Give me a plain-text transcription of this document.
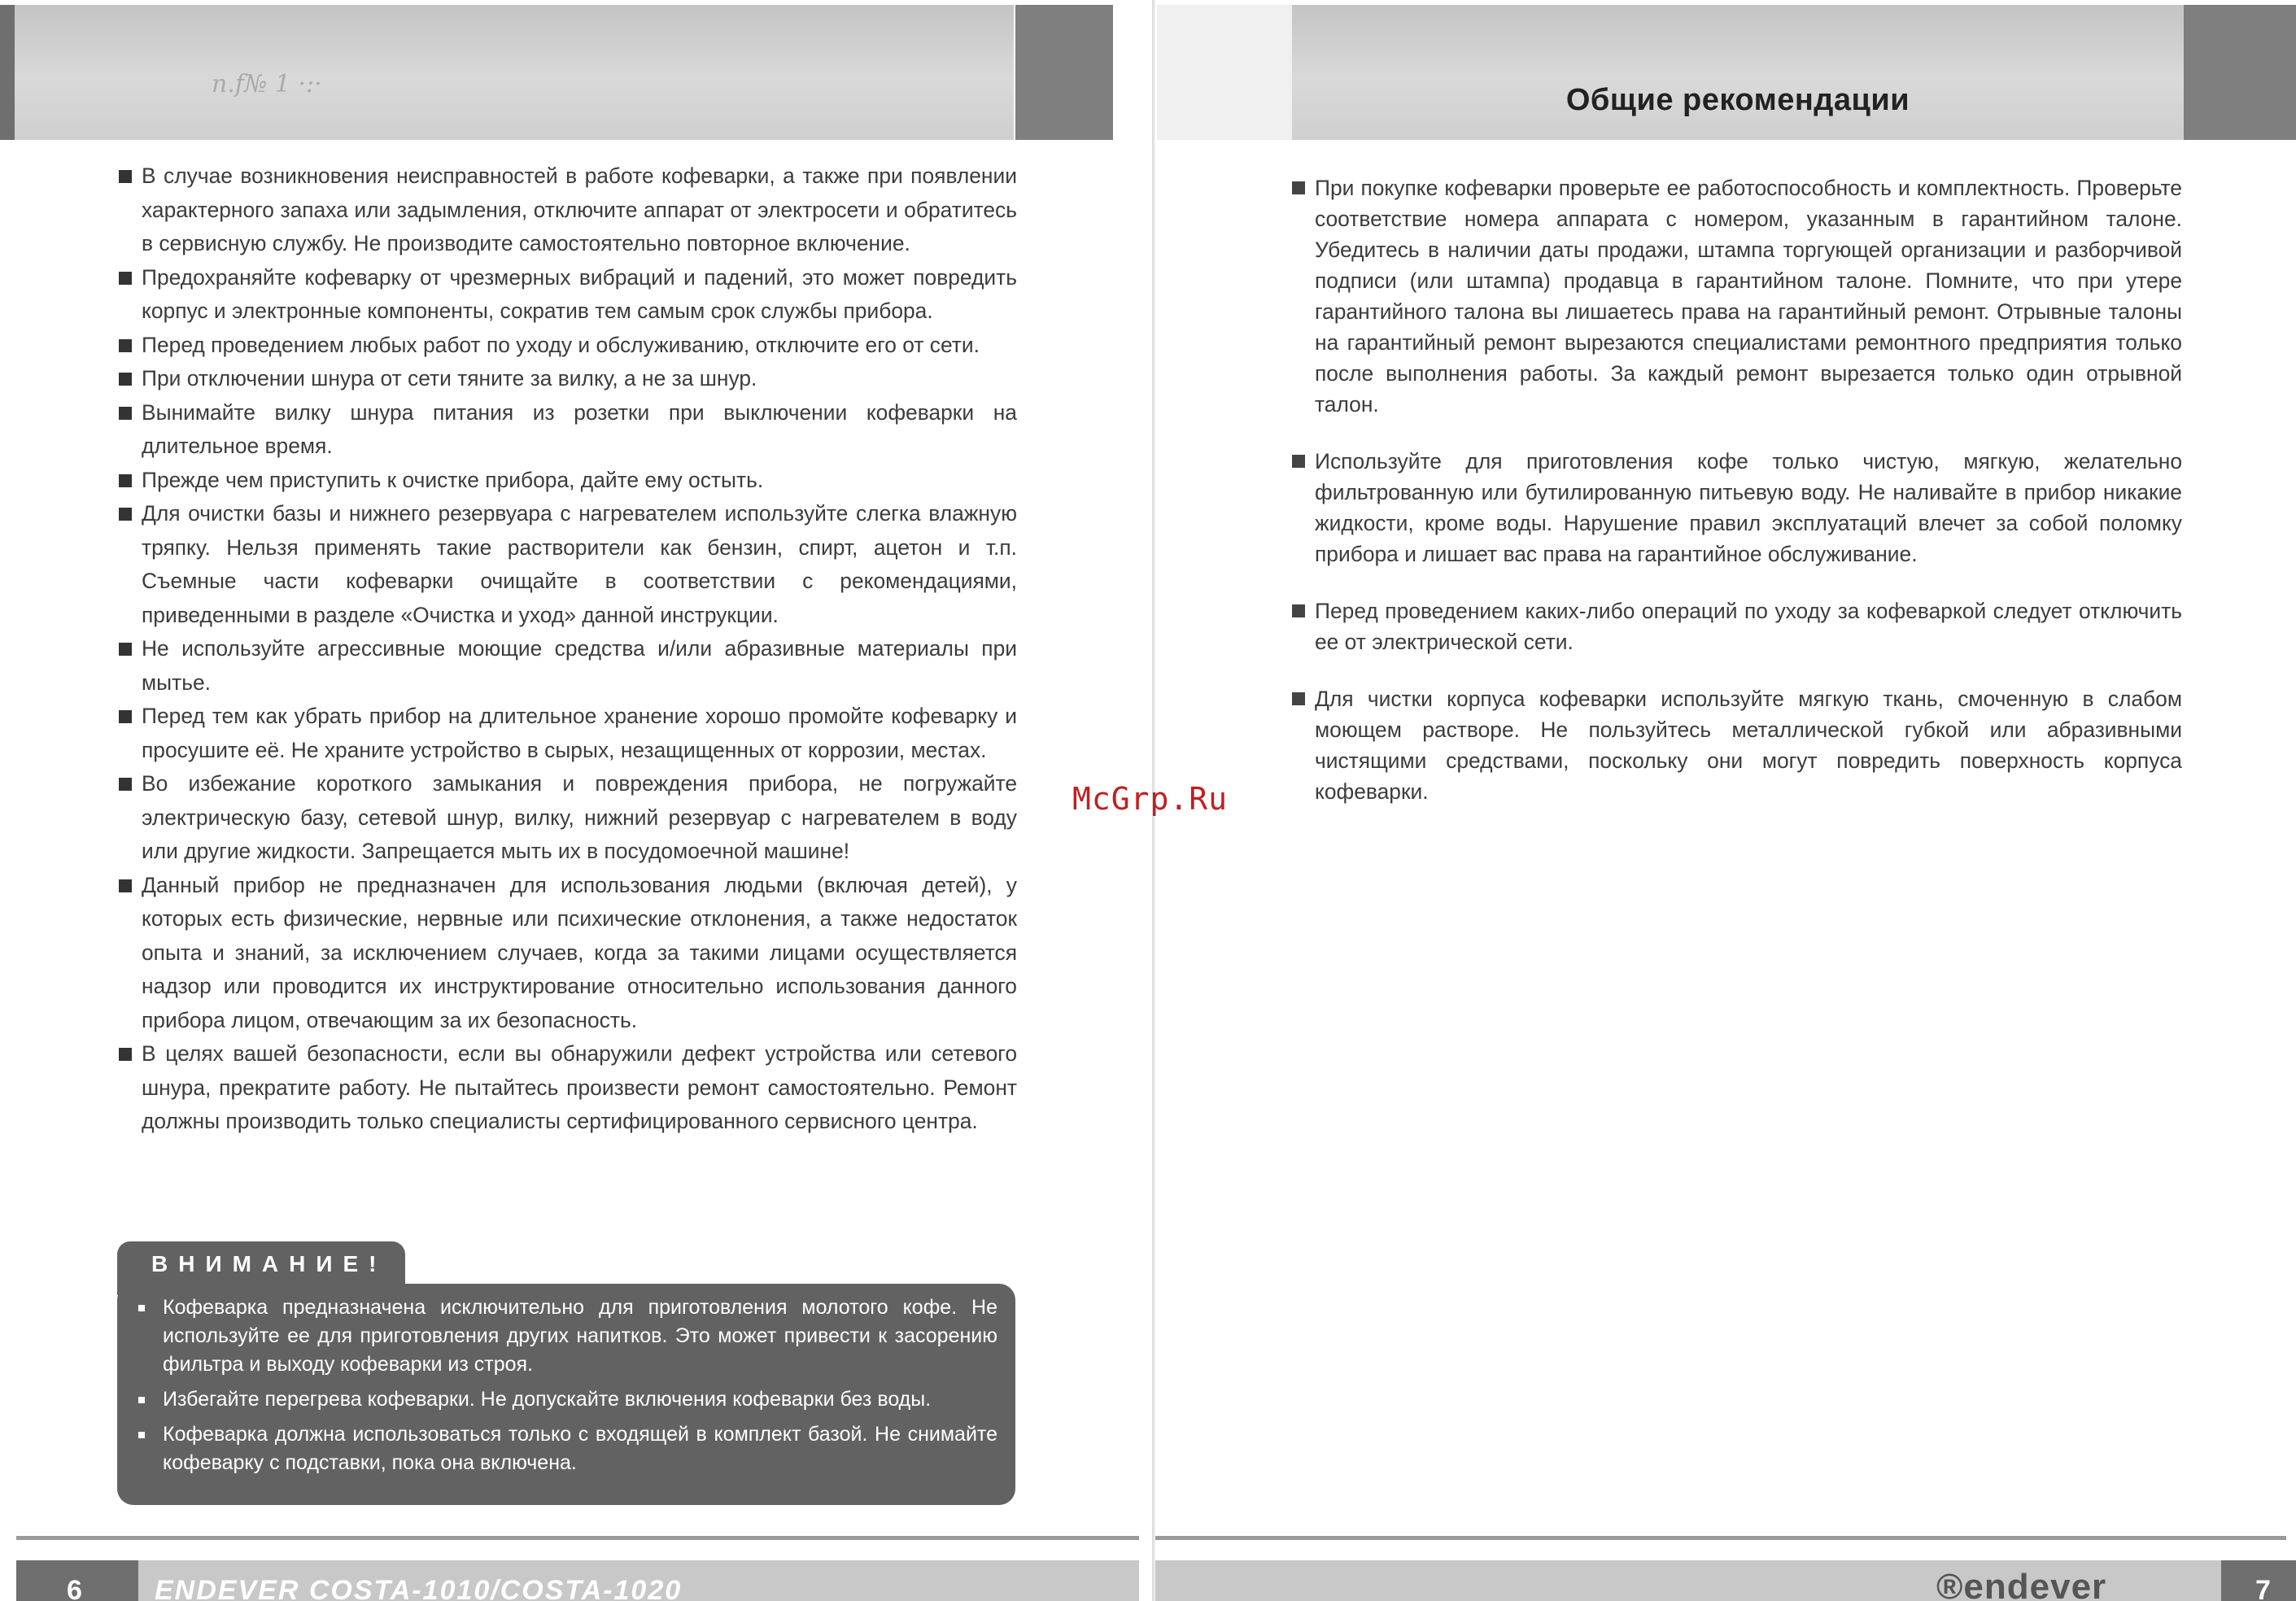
n.f№ 1 ·:·
В случае возникновения неисправностей в работе кофеварки, а также при появлении характерного запаха или задымления, отключите аппарат от электросети и обратитесь в сервисную службу. Не производите самостоятельно повторное включение.
Предохраняйте кофеварку от чрезмерных вибраций и падений, это может повредить корпус и электронные компоненты, сократив тем самым срок службы прибора.
Перед проведением любых работ по уходу и обслуживанию, отключите его от сети.
При отключении шнура от сети тяните за вилку, а не за шнур.
Вынимайте вилку шнура питания из розетки при выключении кофеварки на длительное время.
Прежде чем приступить к очистке прибора, дайте ему остыть.
Для очистки базы и нижнего резервуара с нагревателем используйте слегка влажную тряпку. Нельзя применять такие растворители как бензин, спирт, ацетон и т.п. Съемные части кофеварки очищайте в соответствии с рекомендациями, приведенными в разделе «Очистка и уход» данной инструкции.
Не используйте агрессивные моющие средства и/или абразивные материалы при мытье.
Перед тем как убрать прибор на длительное хранение хорошо промойте кофеварку и просушите её. Не храните устройство в сырых, незащищенных от коррозии, местах.
Во избежание короткого замыкания и повреждения прибора, не погружайте электрическую базу, сетевой шнур, вилку, нижний резервуар с нагревателем в воду или другие жидкости. Запрещается мыть их в посудомоечной машине!
Данный прибор не предназначен для использования людьми (включая детей), у которых есть физические, нервные или психические отклонения, а также недостаток опыта и знаний, за исключением случаев, когда за такими лицами осуществляется надзор или проводится их инструктирование относительно использования данного прибора лицом, отвечающим за их безопасность.
В целях вашей безопасности, если вы обнаружили дефект устройства или сетевого шнура, прекратите работу. Не пытайтесь произвести ремонт самостоятельно. Ремонт должны производить только специалисты сертифицированного сервисного центра.
ВНИМАНИЕ!
Кофеварка предназначена исключительно для приготовления молотого кофе. Не используйте ее для приготовления других напитков. Это может привести к засорению фильтра и выходу кофеварки из строя.
Избегайте перегрева кофеварки. Не допускайте включения кофеварки без воды.
Кофеварка должна использоваться только с входящей в комплект базой. Не снимайте кофеварку с подставки, пока она включена.
6	ENDEVER COSTA-1010/COSTA-1020
Общие рекомендации
При покупке кофеварки проверьте ее работоспособность и комплектность. Проверьте соответствие номера аппарата с номером, указанным в гарантийном талоне. Убедитесь в наличии даты продажи, штампа торгующей организации и разборчивой подписи (или штампа) продавца в гарантийном талоне. Помните, что при утере гарантийного талона вы лишаетесь права на гарантийный ремонт. Отрывные талоны на гарантийный ремонт вырезаются специалистами ремонтного предприятия только после выполнения работы. За каждый ремонт вырезается только один отрывной талон.
Используйте для приготовления кофе только чистую, мягкую, желательно фильтрованную или бутилированную питьевую воду. Не наливайте в прибор никакие жидкости, кроме воды. Нарушение правил эксплуатаций влечет за собой поломку прибора и лишает вас права на гарантийное обслуживание.
Перед проведением каких-либо операций по уходу за кофеваркой следует отключить ее от электрической сети.
Для чистки корпуса кофеварки используйте мягкую ткань, смоченную в слабом моющем растворе. Не пользуйтесь металлической губкой или абразивными чистящими средствами, поскольку они могут повредить поверхность корпуса кофеварки.
®endever	7
McGrp.Ru
